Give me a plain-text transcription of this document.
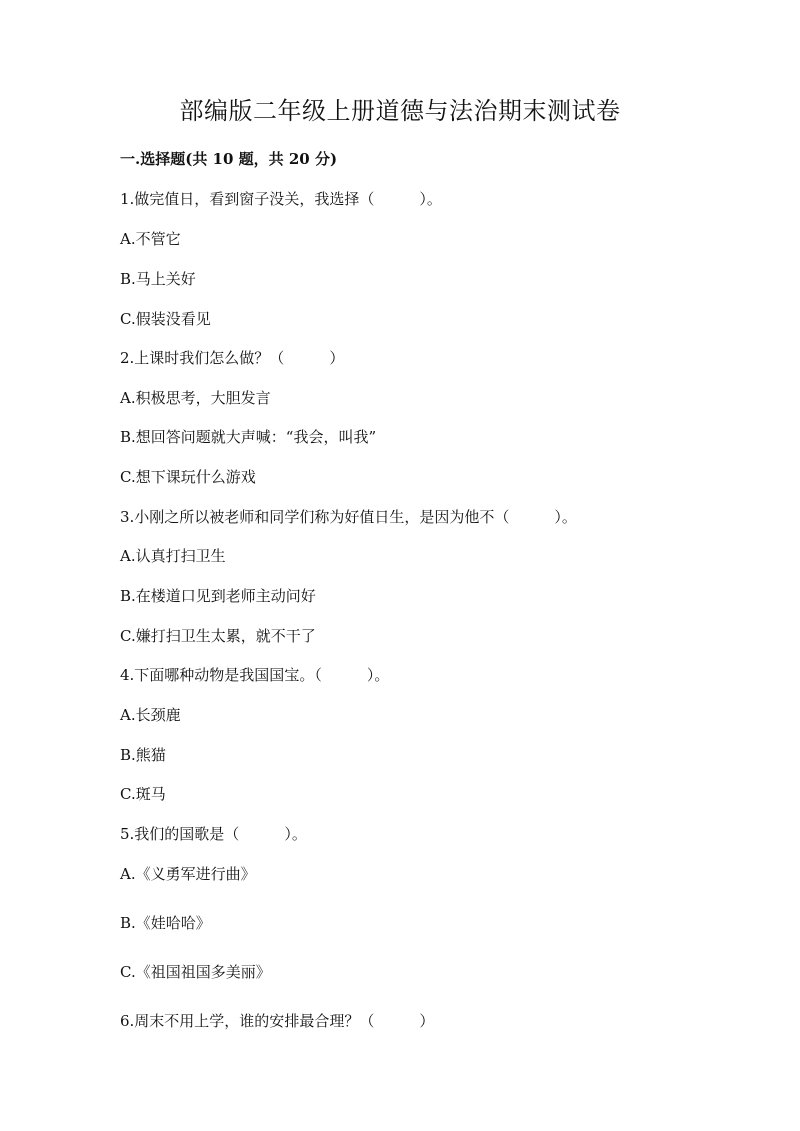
部编版二年级上册道德与法治期末测试卷
一.选择题(共 10 题，共 20 分)
1.做完值日，看到窗子没关，我选择（　　　）。
A.不管它
B.马上关好
C.假装没看见
2.上课时我们怎么做？（　　　）
A.积极思考，大胆发言
B.想回答问题就大声喊：“我会，叫我”
C.想下课玩什么游戏
3.小刚之所以被老师和同学们称为好值日生，是因为他不（　　　）。
A.认真打扫卫生
B.在楼道口见到老师主动问好
C.嫌打扫卫生太累，就不干了
4.下面哪种动物是我国国宝。（　　　）。
A.长颈鹿
B.熊猫
C.斑马
5.我们的国歌是（　　　）。
A.《义勇军进行曲》
B.《娃哈哈》
C.《祖国祖国多美丽》
6.周末不用上学，谁的安排最合理？（　　　）
